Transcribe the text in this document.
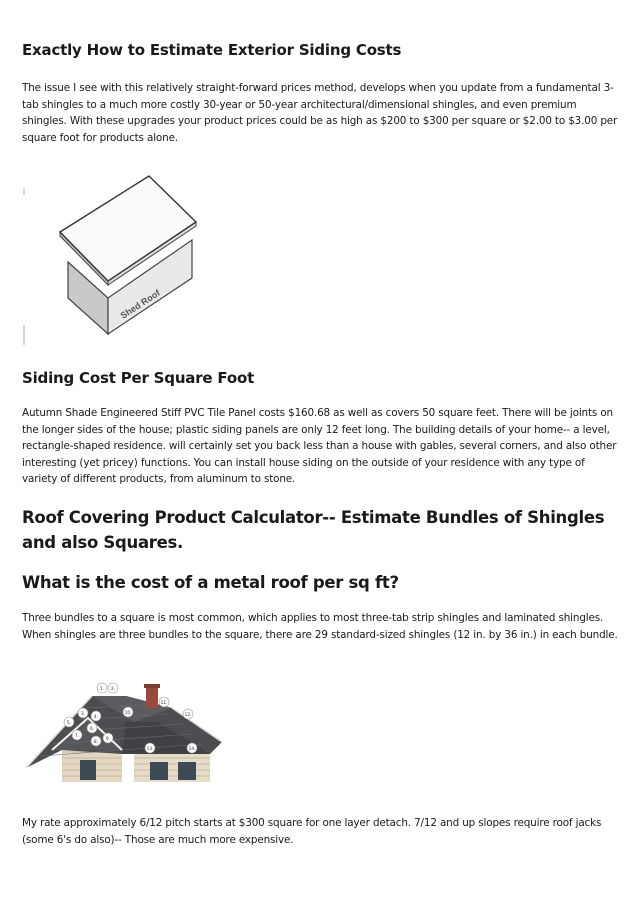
Exactly How to Estimate Exterior Siding Costs

The issue I see with this relatively straight-forward prices method, develops when you update from a fundamental 3-tab shingles to a much more costly 30-year or 50-year architectural/dimensional shingles, and even premium shingles. With these upgrades your product prices could be as high as $200 to $300 per square or $2.00 to $3.00 per square foot for products alone.

Shed Roof
Siding Cost Per Square Foot

Autumn Shade Engineered Stiff PVC Tile Panel costs $160.68 as well as covers 50 square feet. There will be joints on the longer sides of the house; plastic siding panels are only 12 feet long. The building details of your home-- a level, rectangle-shaped residence. will certainly set you back less than a house with gables, several corners, and also other interesting (yet pricey) functions. You can install house siding on the outside of your residence with any type of variety of different products, from aluminum to stone.

Roof Covering Product Calculator-- Estimate Bundles of Shingles and also Squares.
What is the cost of a metal roof per sq ft?

Three bundles to a square is most common, which applies to most three-tab strip shingles and laminated shingles. When shingles are three bundles to the square, there are 29 standard-sized shingles (12 in. by 36 in.) in each bundle.

1. 2.
3.
4.
5.
6.
7.
8.
9.
10.
11.
12.
13.	14.

My rate approximately 6/12 pitch starts at $300 square for one layer detach. 7/12 and up slopes require roof jacks (some 6's do also)-- Those are much more expensive.
